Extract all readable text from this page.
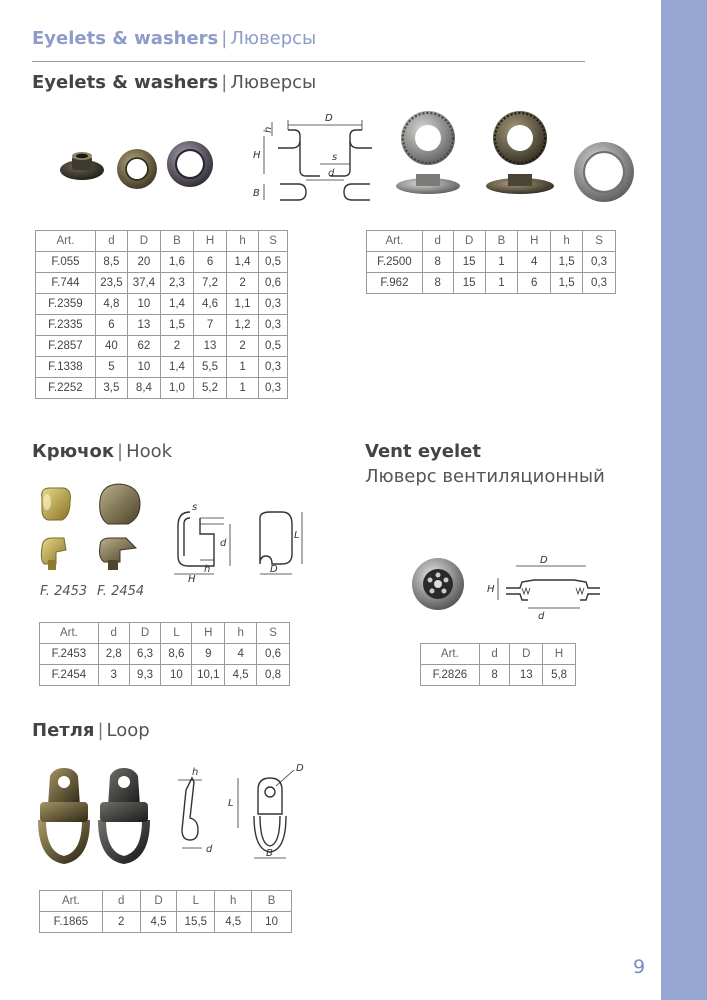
9
Eyelets & washers | Люверсы
Eyelets & washers | Люверсы
D
h
H	s
d
B
Art.	d	D	B	H	h	S
F.055	8,5	20	1,6	6	1,4	0,5
F.744	23,5	37,4	2,3	7,2	2	0,6
F.2359	4,8	10	1,4	4,6	1,1	0,3
F.2335	6	13	1,5	7	1,2	0,3
F.2857	40	62	2	13	2	0,5
F.1338	5	10	1,4	5,5	1	0,3
F.2252	3,5	8,4	1,0	5,2	1	0,3
Art.	d	D	B	H	h	S
F.2500	8	15	1	4	1,5	0,3
F.962	8	15	1	6	1,5	0,3
Крючок | Hook
F. 2453 F. 2454
s
d
H
h
L
D
Art.	d	D	L	H	h	S
F.2453	2,8	6,3	8,6	9	4	0,6
F.2454	3	9,3	10	10,1	4,5	0,8
Vent eyelet
Люверс вентиляционный
D
H
d
Art.	d	D	H
F.2826	8	13	5,8
Петля | Loop
h
d
L
D
B
Art.	d	D	L	h	B
F.1865	2	4,5	15,5	4,5	10
